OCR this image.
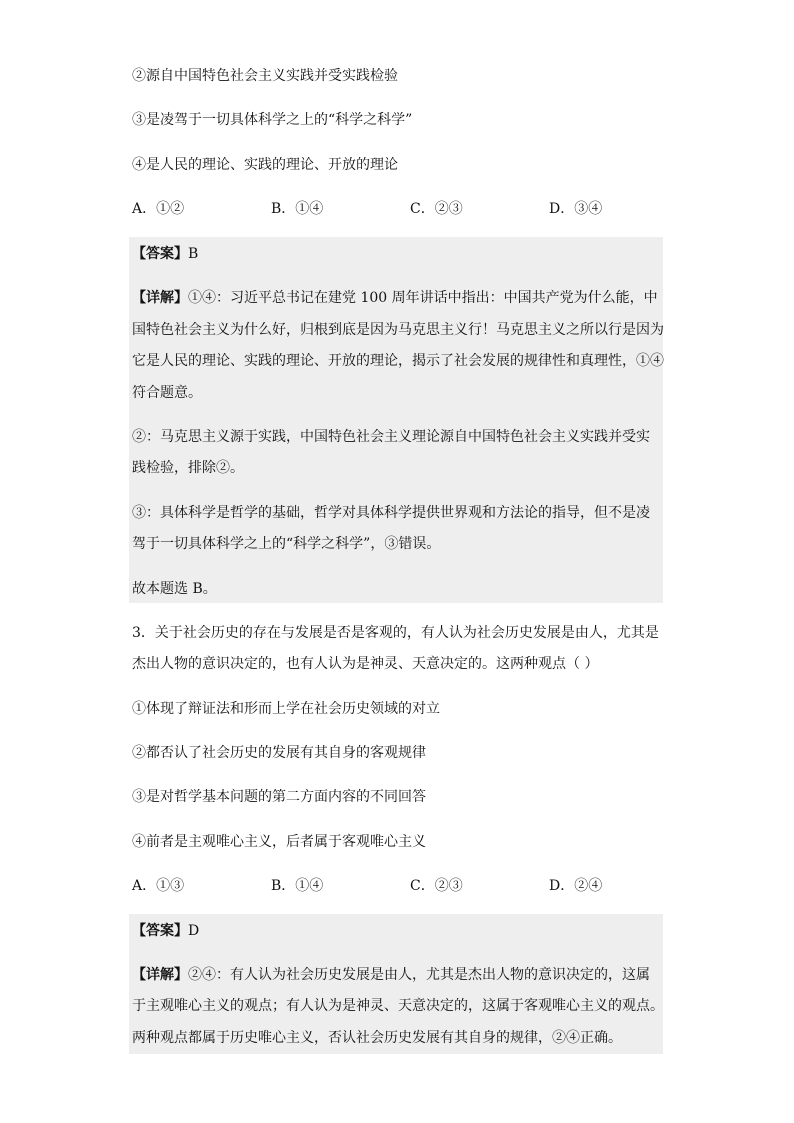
②源自中国特色社会主义实践并受实践检验

③是凌驾于一切具体科学之上的“科学之科学”

④是人民的理论、实践的理论、开放的理论

A．①②	B．①④	C．②③	D．③④

【答案】B

【详解】①④：习近平总书记在建党 100 周年讲话中指出：中国共产党为什么能，中

国特色社会主义为什么好，归根到底是因为马克思主义行！马克思主义之所以行是因为

它是人民的理论、实践的理论、开放的理论，揭示了社会发展的规律性和真理性，①④

符合题意。

②：马克思主义源于实践，中国特色社会主义理论源自中国特色社会主义实践并受实

践检验，排除②。

③：具体科学是哲学的基础，哲学对具体科学提供世界观和方法论的指导，但不是凌

驾于一切具体科学之上的“科学之科学”，③错误。

故本题选 B。

3．关于社会历史的存在与发展是否是客观的，有人认为社会历史发展是由人，尤其是

杰出人物的意识决定的，也有人认为是神灵、天意决定的。这两种观点（ ）

①体现了辩证法和形而上学在社会历史领域的对立

②都否认了社会历史的发展有其自身的客观规律

③是对哲学基本问题的第二方面内容的不同回答

④前者是主观唯心主义，后者属于客观唯心主义

A．①③	B．①④	C．②③	D．②④

【答案】D

【详解】②④：有人认为社会历史发展是由人，尤其是杰出人物的意识决定的，这属

于主观唯心主义的观点；有人认为是神灵、天意决定的，这属于客观唯心主义的观点。

两种观点都属于历史唯心主义，否认社会历史发展有其自身的规律，②④正确。
